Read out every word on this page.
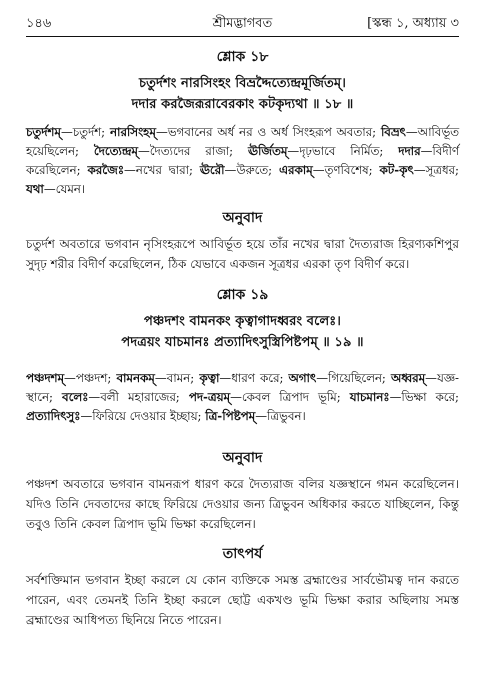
১৪৬	শ্রীমদ্ভাগবত	[স্কন্ধ ১, অধ্যায় ৩
শ্লোক ১৮
চতুর্দশং নারসিংহং বিভ্রদ্দৈত্যেন্দ্রমূর্জিতম্।
দদার করজৈরূরাবেরকাং কটকৃদ্যথা ॥ ১৮ ॥
চতুর্দশম্—চতুর্দশ; নারসিংহম্—ভগবানের অর্ধ নর ও অর্ধ সিংহরূপ অবতার; বিভ্রৎ—আবির্ভূত হয়েছিলেন; দৈত্যেন্দ্রম্—দৈত্যদের রাজা; ঊর্জিতম্—দৃঢ়ভাবে নির্মিত; দদার—বিদীর্ণ করেছিলেন; করজৈঃ—নখের দ্বারা; ঊরৌ—উরুতে; এরকাম্—তৃণবিশেষ; কট-কৃৎ—সূত্রধর; যথা—যেমন।
অনুবাদ
চতুর্দশ অবতারে ভগবান নৃসিংহরূপে আবির্ভূত হয়ে তাঁর নখের দ্বারা দৈত্যরাজ হিরণ্যকশিপুর সুদৃঢ় শরীর বিদীর্ণ করেছিলেন, ঠিক যেভাবে একজন সূত্রধর এরকা তৃণ বিদীর্ণ করে।
শ্লোক ১৯
পঞ্চদশং বামনকং কৃত্বাগাদধ্বরং বলেঃ।
পদত্রয়ং যাচমানঃ প্রত্যাদিৎসুস্ত্রিপিষ্টপম্ ॥ ১৯ ॥
পঞ্চদশম্—পঞ্চদশ; বামনকম্—বামন; কৃত্বা—ধারণ করে; অগাৎ—গিয়েছিলেন; অধ্বরম্—যজ্ঞ-স্থানে; বলেঃ—বলী মহারাজের; পদ-ত্রয়ম্—কেবল ত্রিপাদ ভূমি; যাচমানঃ—ভিক্ষা করে; প্রত্যাদিৎসুঃ—ফিরিয়ে দেওয়ার ইচ্ছায়; ত্রি-পিষ্টপম্—ত্রিভুবন।
অনুবাদ
পঞ্চদশ অবতারে ভগবান বামনরূপ ধারণ করে দৈত্যরাজ বলির যজ্ঞস্থানে গমন করেছিলেন। যদিও তিনি দেবতাদের কাছে ফিরিয়ে দেওয়ার জন্য ত্রিভুবন অধিকার করতে যাচ্ছিলেন, কিন্তু তবুও তিনি কেবল ত্রিপাদ ভূমি ভিক্ষা করেছিলেন।
তাৎপর্য
সর্বশক্তিমান ভগবান ইচ্ছা করলে যে কোন ব্যক্তিকে সমস্ত ব্রহ্মাণ্ডের সার্বভৌমত্ব দান করতে পারেন, এবং তেমনই তিনি ইচ্ছা করলে ছোট্ট একখণ্ড ভূমি ভিক্ষা করার অছিলায় সমস্ত ব্রহ্মাণ্ডের আধিপত্য ছিনিয়ে নিতে পারেন।
